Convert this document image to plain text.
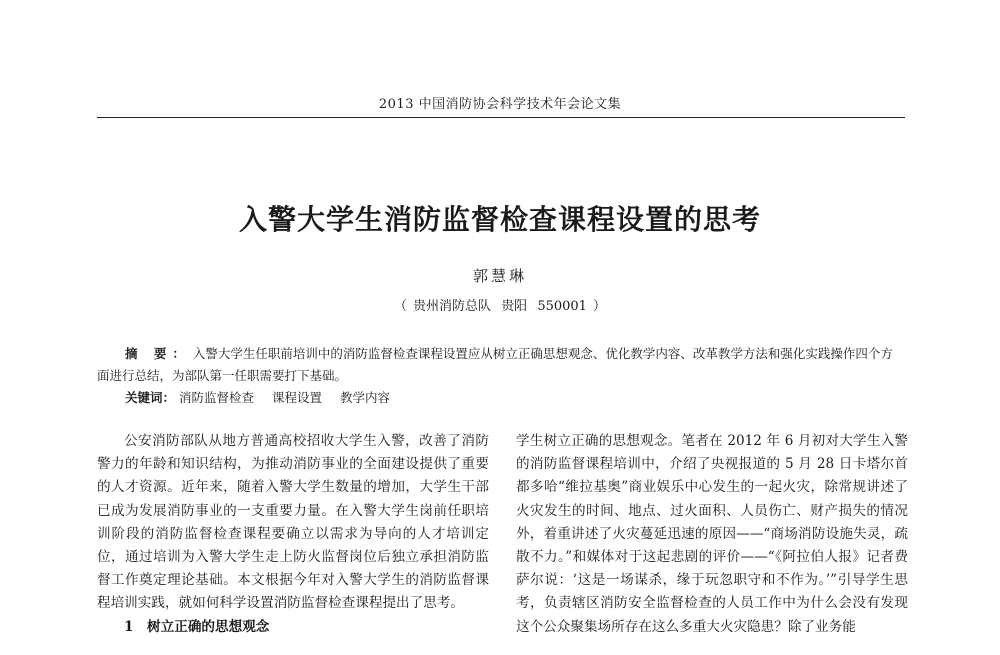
2013 中国消防协会科学技术年会论文集
入警大学生消防监督检查课程设置的思考
郭慧琳
（ 贵州消防总队 贵阳 550001 ）
摘 要： 入警大学生任职前培训中的消防监督检查课程设置应从树立正确思想观念、优化教学内容、改革教学方法和强化实践操作四个方面进行总结，为部队第一任职需要打下基础。
关键词： 消防监督检查 课程设置 教学内容

公安消防部队从地方普通高校招收大学生入警，改善了消防警力的年龄和知识结构，为推动消防事业的全面建设提供了重要的人才资源。近年来，随着入警大学生数量的增加，大学生干部已成为发展消防事业的一支重要力量。在入警大学生岗前任职培训阶段的消防监督检查课程要确立以需求为导向的人才培训定位，通过培训为入警大学生走上防火监督岗位后独立承担消防监督工作奠定理论基础。本文根据今年对入警大学生的消防监督课程培训实践，就如何科学设置消防监督检查课程提出了思考。

1　树立正确的思想观念

学生树立正确的思想观念。笔者在 2012 年 6 月初对大学生入警的消防监督课程培训中，介绍了央视报道的 5 月 28 日卡塔尔首都多哈“维拉基奥”商业娱乐中心发生的一起火灾，除常规讲述了火灾发生的时间、地点、过火面积、人员伤亡、财产损失的情况外，着重讲述了火灾蔓延迅速的原因——“商场消防设施失灵，疏散不力。”和媒体对于这起悲剧的评价——“《阿拉伯人报》记者费萨尔说：‘这是一场谋杀，缘于玩忽职守和不作为。’”引导学生思考，负责辖区消防安全监督检查的人员工作中为什么会没有发现这个公众聚集场所存在这么多重大火灾隐患？除了业务能
